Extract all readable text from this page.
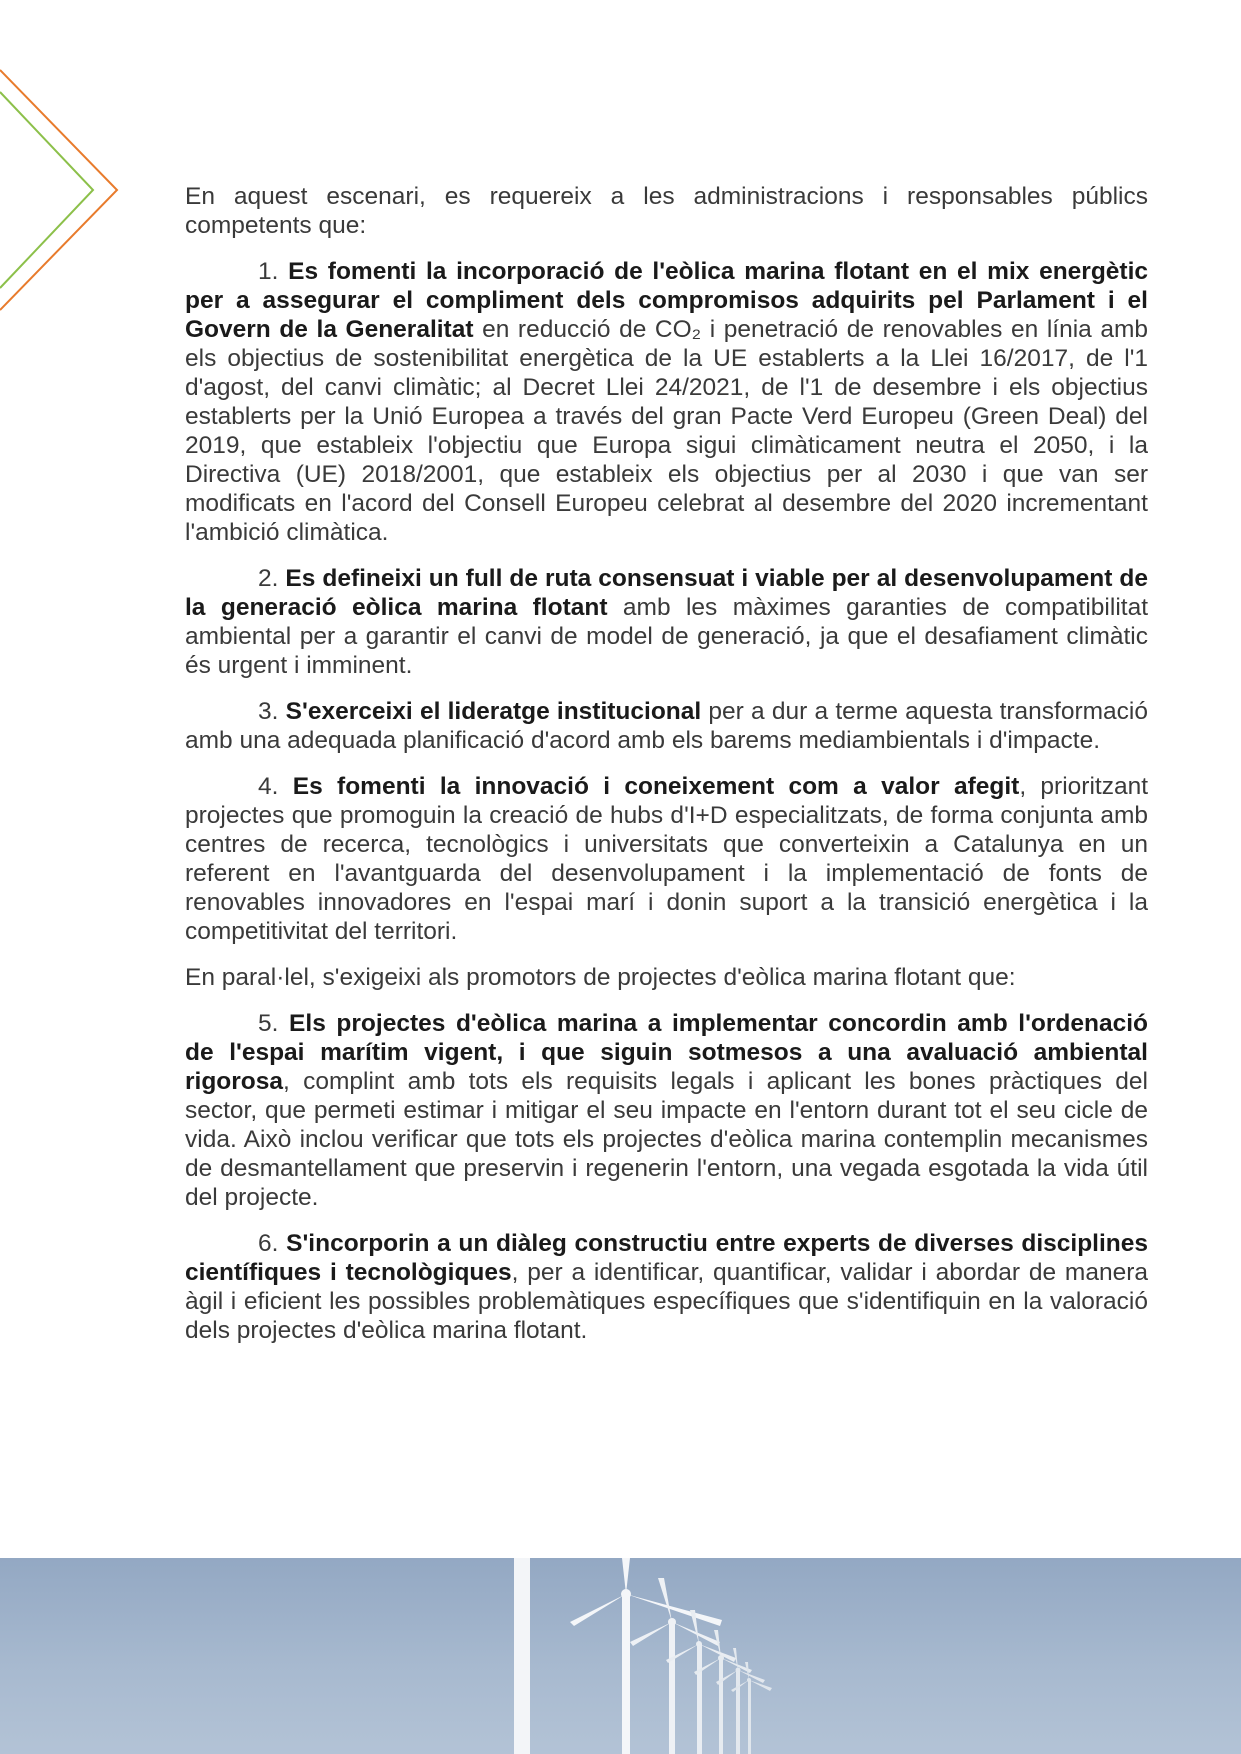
En aquest escenari, es requereix a les administracions i responsables públics competents que:

1. Es fomenti la incorporació de l'eòlica marina flotant en el mix energètic per a assegurar el compliment dels compromisos adquirits pel Parlament i el Govern de la Generalitat en reducció de CO₂ i penetració de renovables en línia amb els objectius de sostenibilitat energètica de la UE establerts a la Llei 16/2017, de l'1 d'agost, del canvi climàtic; al Decret Llei 24/2021, de l'1 de desembre i els objectius establerts per la Unió Europea a través del gran Pacte Verd Europeu (Green Deal) del 2019, que estableix l'objectiu que Europa sigui climàticament neutra el 2050, i la Directiva (UE) 2018/2001, que estableix els objectius per al 2030 i que van ser modificats en l'acord del Consell Europeu celebrat al desembre del 2020 incrementant l'ambició climàtica.

2. Es defineixi un full de ruta consensuat i viable per al desenvolupament de la generació eòlica marina flotant amb les màximes garanties de compatibilitat ambiental per a garantir el canvi de model de generació, ja que el desafiament climàtic és urgent i imminent.

3. S'exerceixi el lideratge institucional per a dur a terme aquesta transformació amb una adequada planificació d'acord amb els barems mediambientals i d'impacte.

4. Es fomenti la innovació i coneixement com a valor afegit, prioritzant projectes que promoguin la creació de hubs d'I+D especialitzats, de forma conjunta amb centres de recerca, tecnològics i universitats que converteixin a Catalunya en un referent en l'avantguarda del desenvolupament i la implementació de fonts de renovables innovadores en l'espai marí i donin suport a la transició energètica i la competitivitat del territori.

En paral·lel, s'exigeixi als promotors de projectes d'eòlica marina flotant que:

5. Els projectes d'eòlica marina a implementar concordin amb l'ordenació de l'espai marítim vigent, i que siguin sotmesos a una avaluació ambiental rigorosa, complint amb tots els requisits legals i aplicant les bones pràctiques del sector, que permeti estimar i mitigar el seu impacte en l'entorn durant tot el seu cicle de vida. Això inclou verificar que tots els projectes d'eòlica marina contemplin mecanismes de desmantellament que preservin i regenerin l'entorn, una vegada esgotada la vida útil del projecte.

6. S'incorporin a un diàleg constructiu entre experts de diverses disciplines científiques i tecnològiques, per a identificar, quantificar, validar i abordar de manera àgil i eficient les possibles problemàtiques específiques que s'identifiquin en la valoració dels projectes d'eòlica marina flotant.
